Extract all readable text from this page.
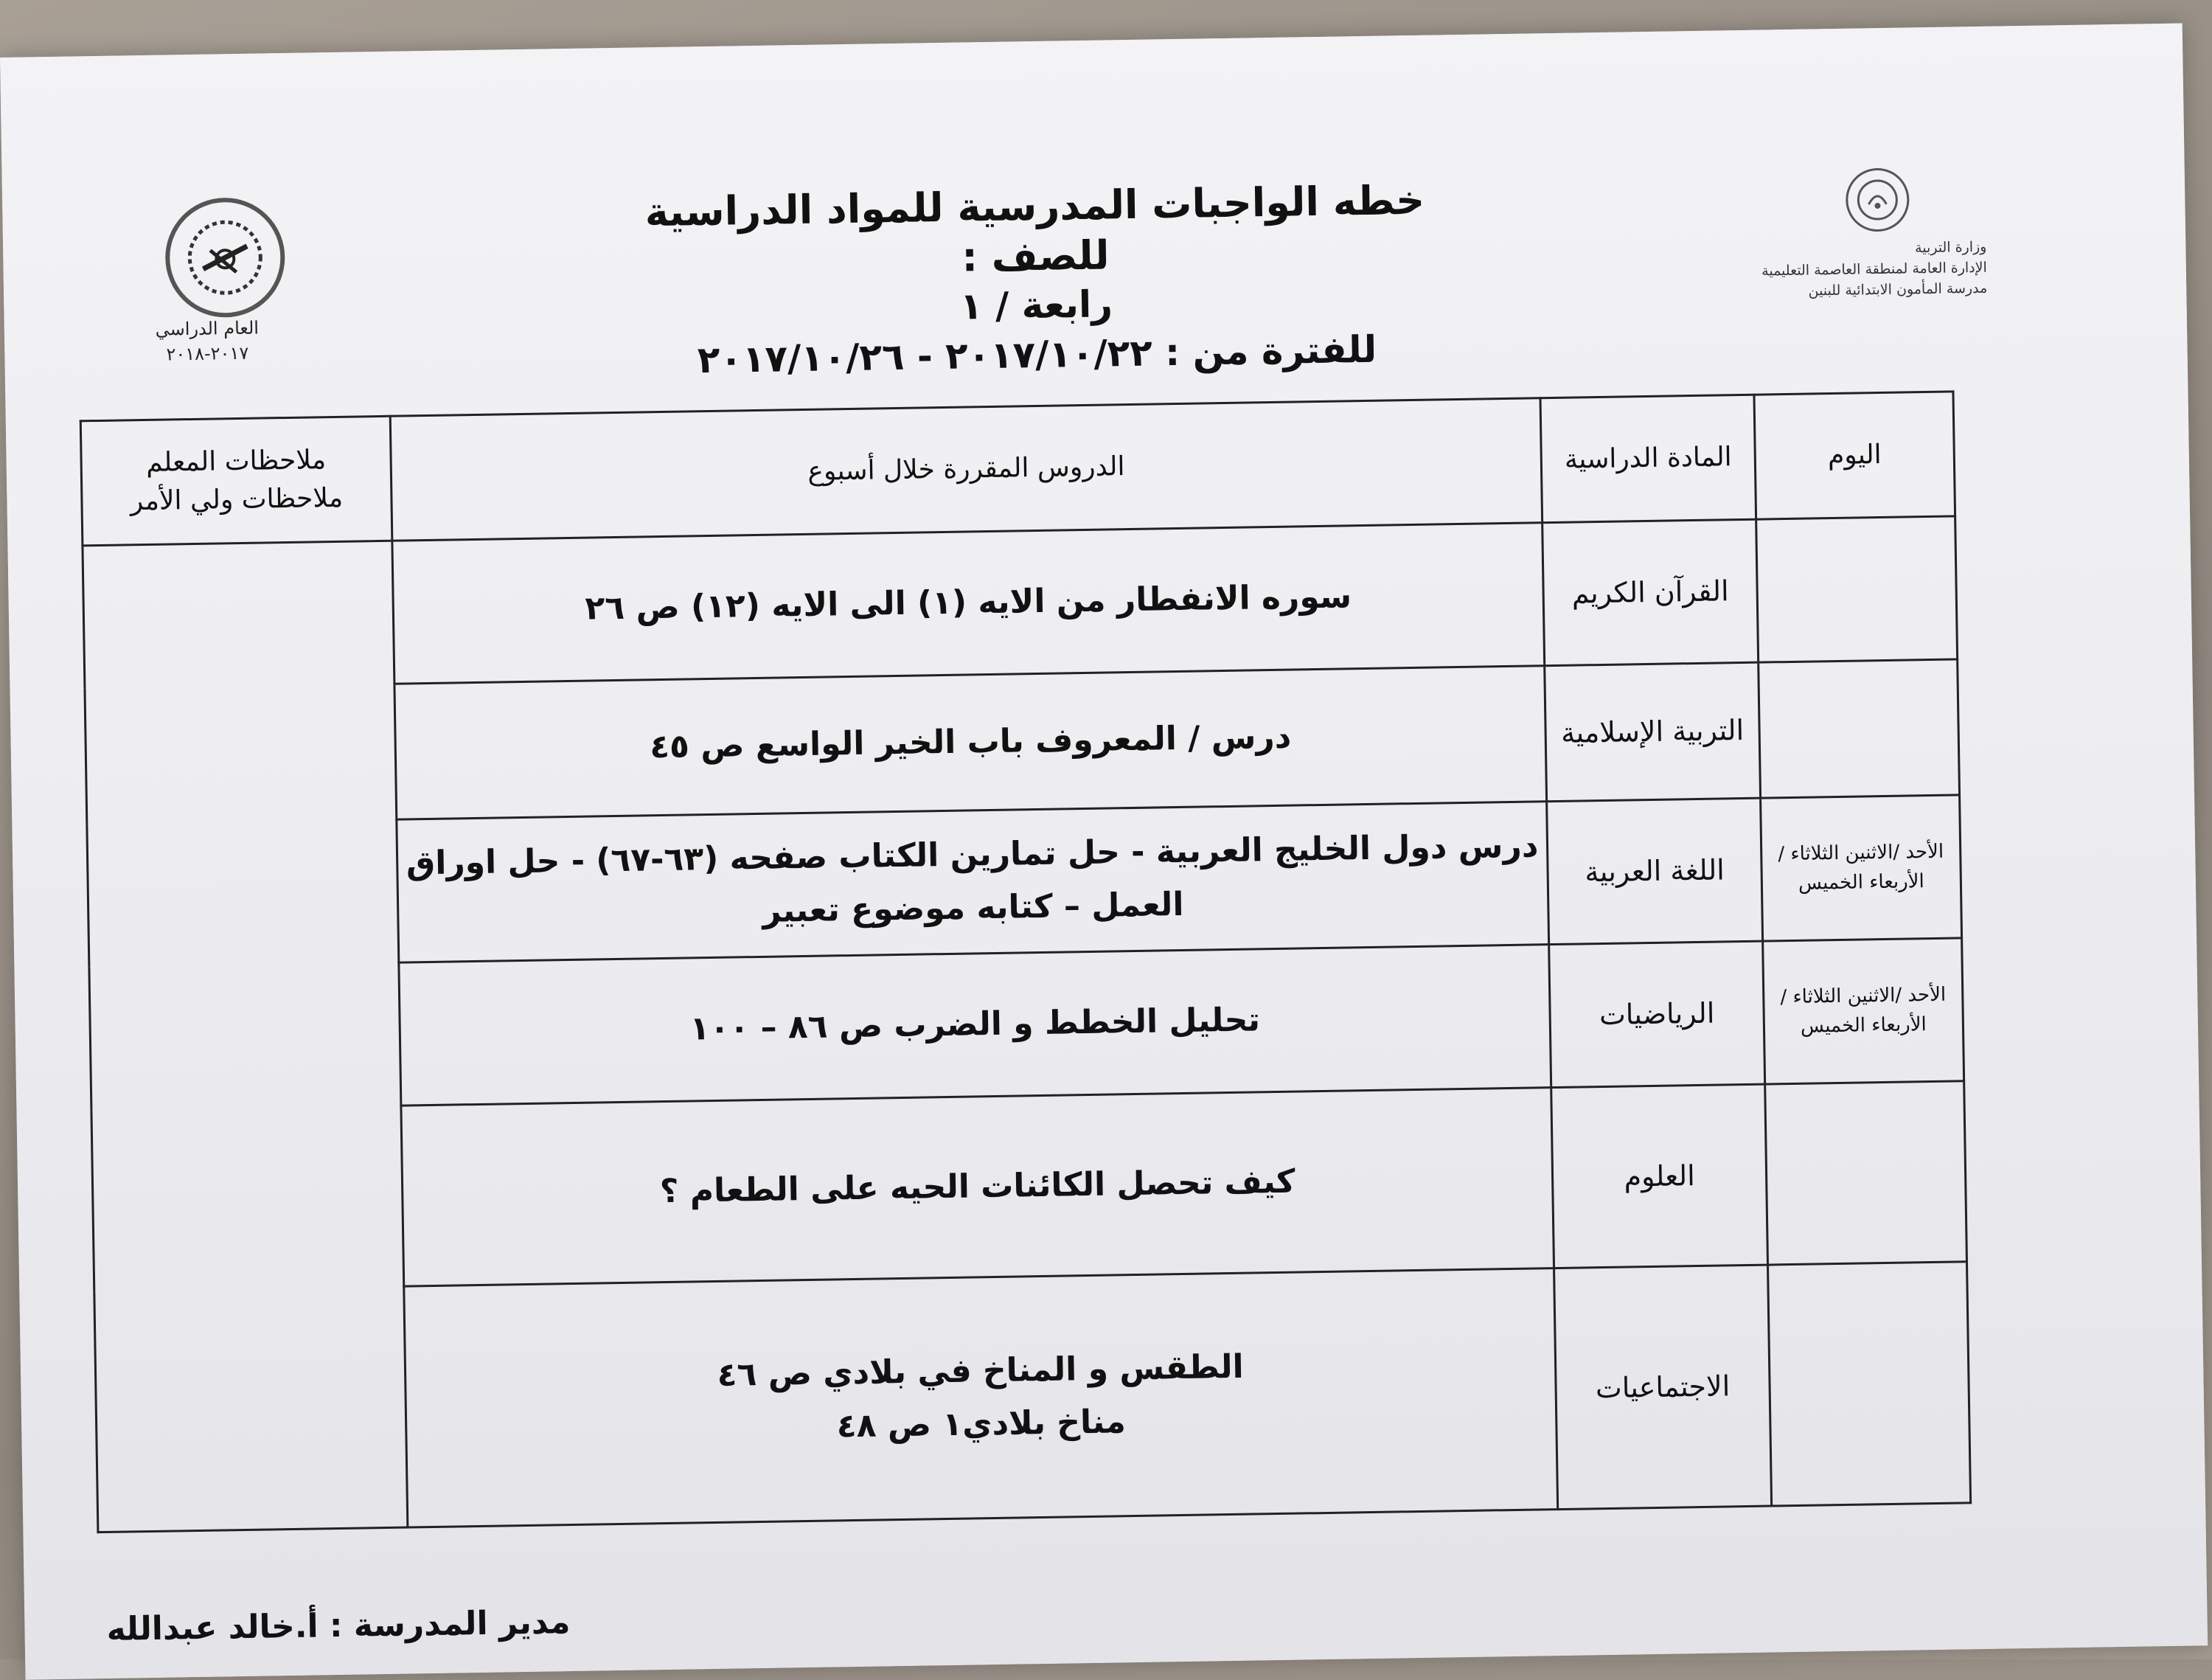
وزارة التربية
الإدارة العامة لمنطقة العاصمة التعليمية
مدرسة المأمون الابتدائية للبنين
العام الدراسي
٢٠١٧-٢٠١٨
خطه الواجبات المدرسية للمواد الدراسية للصف :
رابعة / ١
للفترة من : ٢٠١٧/١٠/٢٢ - ٢٠١٧/١٠/٢٦
اليوم	المادة الدراسية	الدروس المقررة خلال أسبوع	ملاحظات المعلم
ملاحظات ولي الأمر

	القرآن الكريم	سوره الانفطار من الايه (١) الى الايه (١٢) ص ٢٦	
	التربية الإسلامية	درس / المعروف باب الخير الواسع ص ٤٥	
الأحد /الاثنين الثلاثاء /الأربعاء الخميس	اللغة العربية	درس دول الخليج العربية - حل تمارين الكتاب صفحه (٦٣-٦٧) - حل اوراق العمل – كتابه موضوع تعبير	
الأحد /الاثنين الثلاثاء /الأربعاء الخميس	الرياضيات	تحليل الخطط و الضرب ص ٨٦ – ١٠٠	
	العلوم	كيف تحصل الكائنات الحيه على الطعام ؟	
	الاجتماعيات	الطقس و المناخ في بلادي ص ٤٦
مناخ بلادي١ ص ٤٨	
مدير المدرسة : أ.خالد عبدالله
